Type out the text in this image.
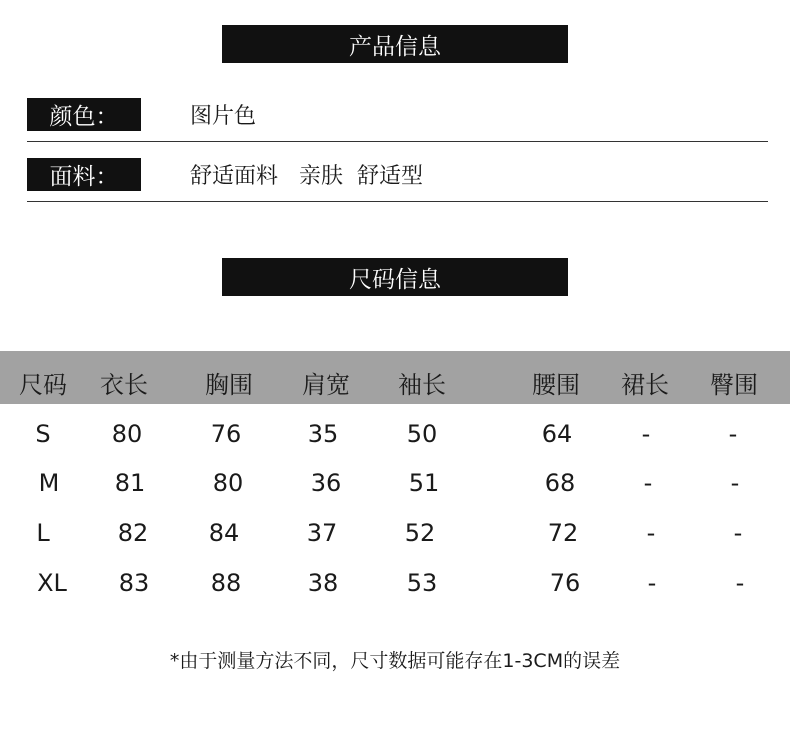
产品信息
颜色：	图片色
面料：	舒适面料   亲肤  舒适型
尺码信息
尺码 衣长 胸围 肩宽 袖长	腰围 裙长 臀围
S	80	76	35	50	64	-	-
M 81	80	36	51	68	-	-
L	82	84	37	52	72	-	-
XL 83	88	38	53	76	-	-
*由于测量方法不同，尺寸数据可能存在1-3CM的误差
